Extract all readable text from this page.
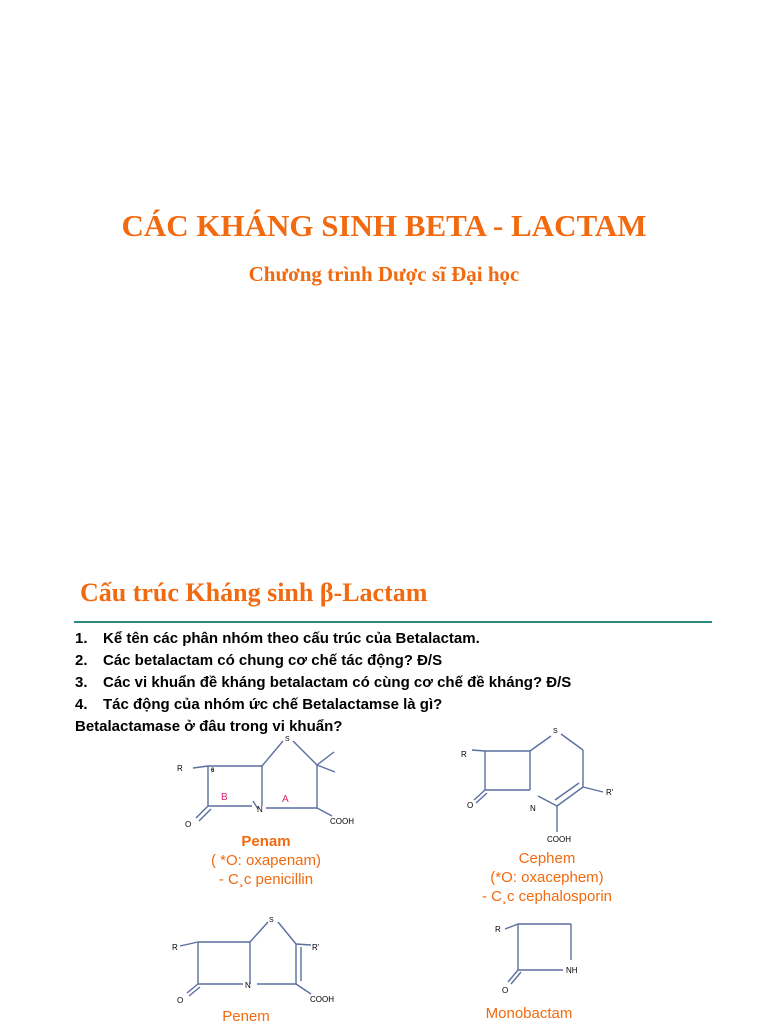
CÁC KHÁNG SINH BETA - LACTAM
Chương trình Dược sĩ Đại học
Cấu trúc Kháng sinh β-Lactam
1. Kể tên các phân nhóm theo cấu trúc của Betalactam.
2. Các betalactam có chung cơ chế tác động? Đ/S
3. Các vi khuẩn đề kháng betalactam có cùng cơ chế đề kháng? Đ/S
4. Tác động của nhóm ức chế Betalactamse là gì?
Betalactamase ở đâu trong vi khuẩn?
R	6
B	A
N
S
O	COOH
R
S
N
O
R'
COOH
R
S
R'
N
O	COOH
R
NH
O
Penam
( *O: oxapenam)
- C¸c penicillin
Cephem
(*O: oxacephem)
- C¸c cephalosporin
Penem	Monobactam
